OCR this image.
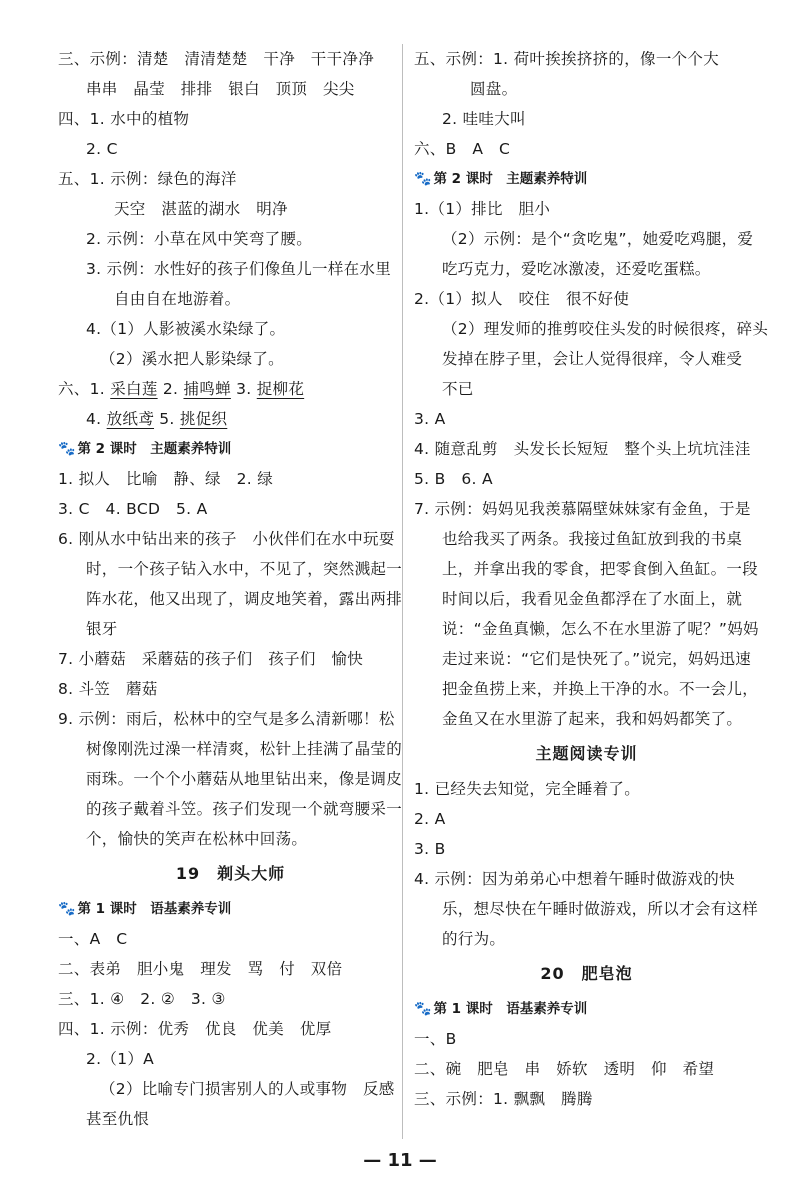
三、示例：清楚　清清楚楚　干净　干干净净
串串　晶莹　排排　银白　顶顶　尖尖
四、1. 水中的植物
2. C
五、1. 示例：绿色的海洋
天空　湛蓝的湖水　明净
2. 示例：小草在风中笑弯了腰。
3. 示例：水性好的孩子们像鱼儿一样在水里
自由自在地游着。
4.（1）人影被溪水染绿了。
（2）溪水把人影染绿了。
六、1. 采白莲 2. 捕鸣蝉 3. 捉柳花
4. 放纸鸢 5. 挑促织
🐾 第 2 课时　主题素养特训
1. 拟人　比喻　静、绿　2. 绿
3. C　4. BCD　5. A
6. 刚从水中钻出来的孩子　小伙伴们在水中玩耍
时，一个孩子钻入水中，不见了，突然溅起一
阵水花，他又出现了，调皮地笑着，露出两排
银牙
7. 小蘑菇　采蘑菇的孩子们　孩子们　愉快
8. 斗笠　蘑菇
9. 示例：雨后，松林中的空气是多么清新哪！松
树像刚洗过澡一样清爽，松针上挂满了晶莹的
雨珠。一个个小蘑菇从地里钻出来，像是调皮
的孩子戴着斗笠。孩子们发现一个就弯腰采一
个，愉快的笑声在松林中回荡。
19　剃头大师
🐾 第 1 课时　语基素养专训
一、A　C
二、表弟　胆小鬼　理发　骂　付　双倍
三、1. ④　2. ②　3. ③
四、1. 示例：优秀　优良　优美　优厚
2.（1）A
（2）比喻专门损害别人的人或事物　反感
甚至仇恨
五、示例：1. 荷叶挨挨挤挤的，像一个个大
圆盘。
2. 哇哇大叫
六、B　A　C
🐾 第 2 课时　主题素养特训
1.（1）排比　胆小
（2）示例：是个“贪吃鬼”，她爱吃鸡腿，爱
吃巧克力，爱吃冰激凌，还爱吃蛋糕。
2.（1）拟人　咬住　很不好使
（2）理发师的推剪咬住头发的时候很疼，碎头
发掉在脖子里，会让人觉得很痒，令人难受
不已
3. A
4. 随意乱剪　头发长长短短　整个头上坑坑洼洼
5. B　6. A
7. 示例：妈妈见我羡慕隔壁妹妹家有金鱼，于是
也给我买了两条。我接过鱼缸放到我的书桌
上，并拿出我的零食，把零食倒入鱼缸。一段
时间以后，我看见金鱼都浮在了水面上，就
说：“金鱼真懒，怎么不在水里游了呢？”妈妈
走过来说：“它们是快死了。”说完，妈妈迅速
把金鱼捞上来，并换上干净的水。不一会儿，
金鱼又在水里游了起来，我和妈妈都笑了。
主题阅读专训
1. 已经失去知觉，完全睡着了。
2. A
3. B
4. 示例：因为弟弟心中想着午睡时做游戏的快
乐，想尽快在午睡时做游戏，所以才会有这样
的行为。
20　肥皂泡
🐾 第 1 课时　语基素养专训
一、B
二、碗　肥皂　串　娇软　透明　仰　希望
三、示例：1. 飘飘　腾腾
— 11 —
